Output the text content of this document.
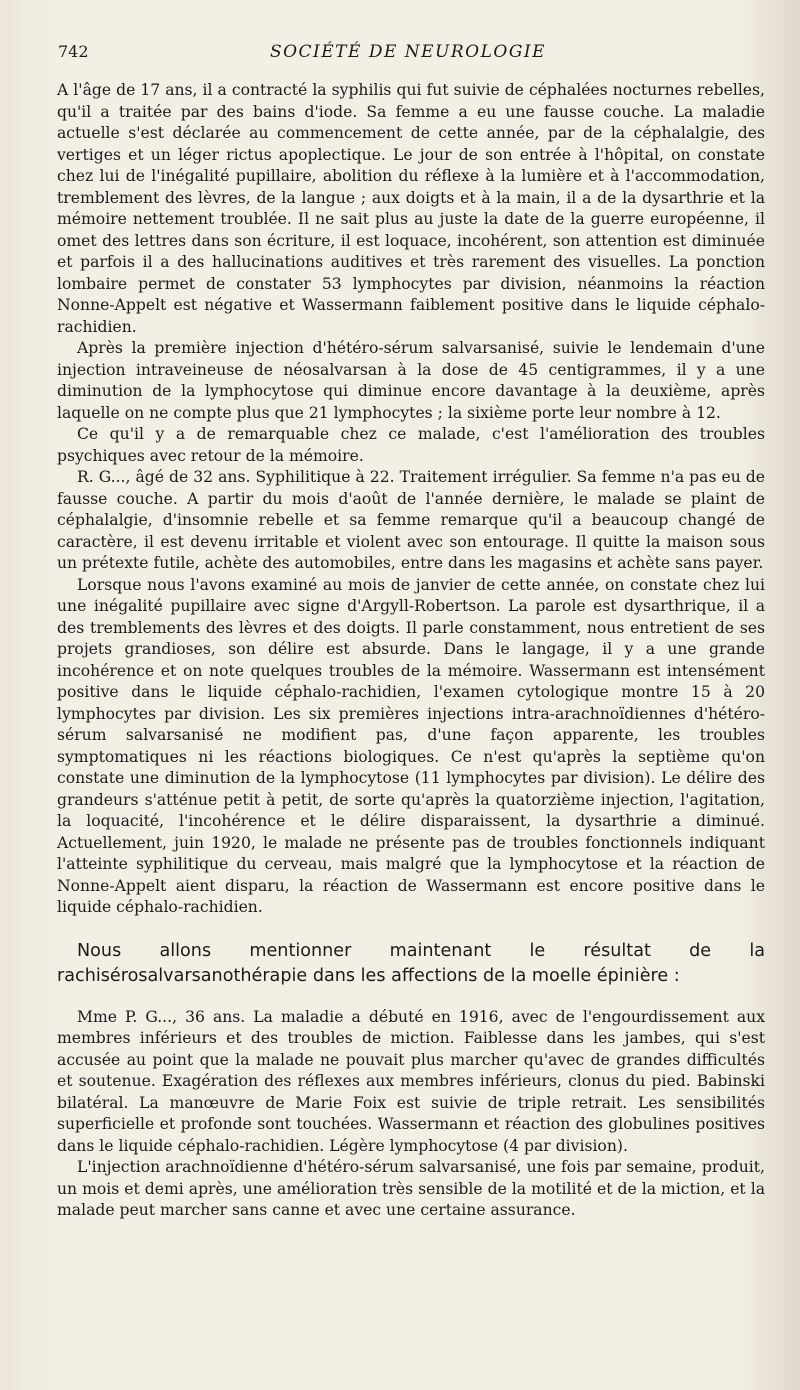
742	SOCIÉTÉ DE NEUROLOGIE

A l'âge de 17 ans, il a contracté la syphilis qui fut suivie de céphalées nocturnes rebelles, qu'il a traitée par des bains d'iode. Sa femme a eu une fausse couche. La maladie actuelle s'est déclarée au commencement de cette année, par de la céphalalgie, des vertiges et un léger rictus apoplectique. Le jour de son entrée à l'hôpital, on constate chez lui de l'inégalité pupillaire, abolition du réflexe à la lumière et à l'accommodation, tremblement des lèvres, de la langue ; aux doigts et à la main, il a de la dysarthrie et la mémoire nettement troublée. Il ne sait plus au juste la date de la guerre européenne, il omet des lettres dans son écriture, il est loquace, incohérent, son attention est diminuée et parfois il a des hallucinations auditives et très rarement des visuelles. La ponction lombaire permet de constater 53 lymphocytes par division, néanmoins la réaction Nonne-Appelt est négative et Wassermann faiblement positive dans le liquide céphalo-rachidien.

Après la première injection d'hétéro-sérum salvarsanisé, suivie le lendemain d'une injection intraveineuse de néosalvarsan à la dose de 45 centigrammes, il y a une diminution de la lymphocytose qui diminue encore davantage à la deuxième, après laquelle on ne compte plus que 21 lymphocytes ; la sixième porte leur nombre à 12.

Ce qu'il y a de remarquable chez ce malade, c'est l'amélioration des troubles psychiques avec retour de la mémoire.

R. G..., âgé de 32 ans. Syphilitique à 22. Traitement irrégulier. Sa femme n'a pas eu de fausse couche. A partir du mois d'août de l'année dernière, le malade se plaint de céphalalgie, d'insomnie rebelle et sa femme remarque qu'il a beaucoup changé de caractère, il est devenu irritable et violent avec son entourage. Il quitte la maison sous un prétexte futile, achète des automobiles, entre dans les magasins et achète sans payer.

Lorsque nous l'avons examiné au mois de janvier de cette année, on constate chez lui une inégalité pupillaire avec signe d'Argyll-Robertson. La parole est dysarthrique, il a des tremblements des lèvres et des doigts. Il parle constamment, nous entretient de ses projets grandioses, son délire est absurde. Dans le langage, il y a une grande incohérence et on note quelques troubles de la mémoire. Wassermann est intensément positive dans le liquide céphalo-rachidien, l'examen cytologique montre 15 à 20 lymphocytes par division. Les six premières injections intra-arachnoïdiennes d'hétéro-sérum salvarsanisé ne modifient pas, d'une façon apparente, les troubles symptomatiques ni les réactions biologiques. Ce n'est qu'après la septième qu'on constate une diminution de la lymphocytose (11 lymphocytes par division). Le délire des grandeurs s'atténue petit à petit, de sorte qu'après la quatorzième injection, l'agitation, la loquacité, l'incohérence et le délire disparaissent, la dysarthrie a diminué. Actuellement, juin 1920, le malade ne présente pas de troubles fonctionnels indiquant l'atteinte syphilitique du cerveau, mais malgré que la lymphocytose et la réaction de Nonne-Appelt aient disparu, la réaction de Wassermann est encore positive dans le liquide céphalo-rachidien.

Nous allons mentionner maintenant le résultat de la rachisérosalvarsanothérapie dans les affections de la moelle épinière :

Mme P. G..., 36 ans. La maladie a débuté en 1916, avec de l'engourdissement aux membres inférieurs et des troubles de miction. Faiblesse dans les jambes, qui s'est accusée au point que la malade ne pouvait plus marcher qu'avec de grandes difficultés et soutenue. Exagération des réflexes aux membres inférieurs, clonus du pied. Babinski bilatéral. La manœuvre de Marie Foix est suivie de triple retrait. Les sensibilités superficielle et profonde sont touchées. Wassermann et réaction des globulines positives dans le liquide céphalo-rachidien. Légère lymphocytose (4 par division).

L'injection arachnoïdienne d'hétéro-sérum salvarsanisé, une fois par semaine, produit, un mois et demi après, une amélioration très sensible de la motilité et de la miction, et la malade peut marcher sans canne et avec une certaine assurance.
